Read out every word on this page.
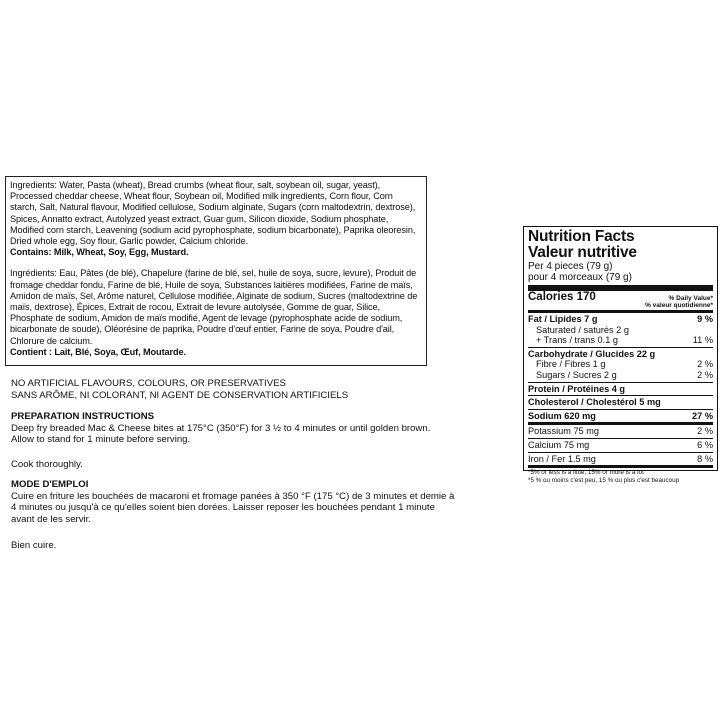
Ingredients: Water, Pasta (wheat), Bread crumbs (wheat flour, salt, soybean oil, sugar, yeast), Processed cheddar cheese, Wheat flour, Soybean oil, Modified milk ingredients, Corn flour, Corn starch, Salt, Natural flavour, Modified cellulose, Sodium alginate, Sugars (corn maltodextrin, dextrose), Spices, Annatto extract, Autolyzed yeast extract, Guar gum, Silicon dioxide, Sodium phosphate, Modified corn starch, Leavening (sodium acid pyrophosphate, sodium bicarbonate), Paprika oleoresin, Dried whole egg, Soy flour, Garlic powder, Calcium chloride.

Contains: Milk, Wheat, Soy, Egg, Mustard.

Ingrédients: Eau, Pâtes (de blé), Chapelure (farine de blé, sel, huile de soya, sucre, levure), Produit de fromage cheddar fondu, Farine de blé, Huile de soya, Substances laitières modifiées, Farine de maïs, Amidon de maïs, Sel, Arôme naturel, Cellulose modifiée, Alginate de sodium, Sucres (maltodextrine de maïs, dextrose), Épices, Extrait de rocou, Extrait de levure autolysée, Gomme de guar, Silice, Phosphate de sodium, Amidon de maïs modifié, Agent de levage (pyrophosphate acide de sodium, bicarbonate de soude), Oléorésine de paprika, Poudre d'œuf entier, Farine de soya, Poudre d'ail, Chlorure de calcium.

Contient : Lait, Blé, Soya, Œuf, Moutarde.

NO ARTIFICIAL FLAVOURS, COLOURS, OR PRESERVATIVES

SANS ARÔME, NI COLORANT, NI AGENT DE CONSERVATION ARTIFICIELS

PREPARATION INSTRUCTIONS

Deep fry breaded Mac & Cheese bites at 175°C (350°F) for 3 ½ to 4 minutes or until golden brown. Allow to stand for 1 minute before serving.

Cook thoroughly.

MODE D'EMPLOI

Cuire en friture les bouchées de macaroni et fromage panées à 350 °F (175 °C) de 3 minutes et demie à 4 minutes ou jusqu'à ce qu'elles soient bien dorées. Laisser reposer les bouchées pendant 1 minute avant de les servir.

Bien cuire.

Nutrition Facts
Valeur nutritive
Per 4 pieces (79 g)
pour 4 morceaux (79 g)
Calories 170	% Daily Value*
% valeur quotidienne*
Fat / Lipides 7 g	9 %
Saturated / saturés 2 g
+ Trans / trans 0.1 g	11 %
Carbohydrate / Glucides 22 g
Fibre / Fibres 1 g	2 %
Sugars / Sucres 2 g	2 %
Protein / Protéines 4 g
Cholesterol / Cholestérol 5 mg
Sodium 620 mg	27 %
Potassium 75 mg	2 %
Calcium 75 mg	6 %
Iron / Fer 1.5 mg	8 %
*5% or less is a little, 15% or more is a lot
*5 % ou moins c'est peu, 15 % ou plus c'est beaucoup
